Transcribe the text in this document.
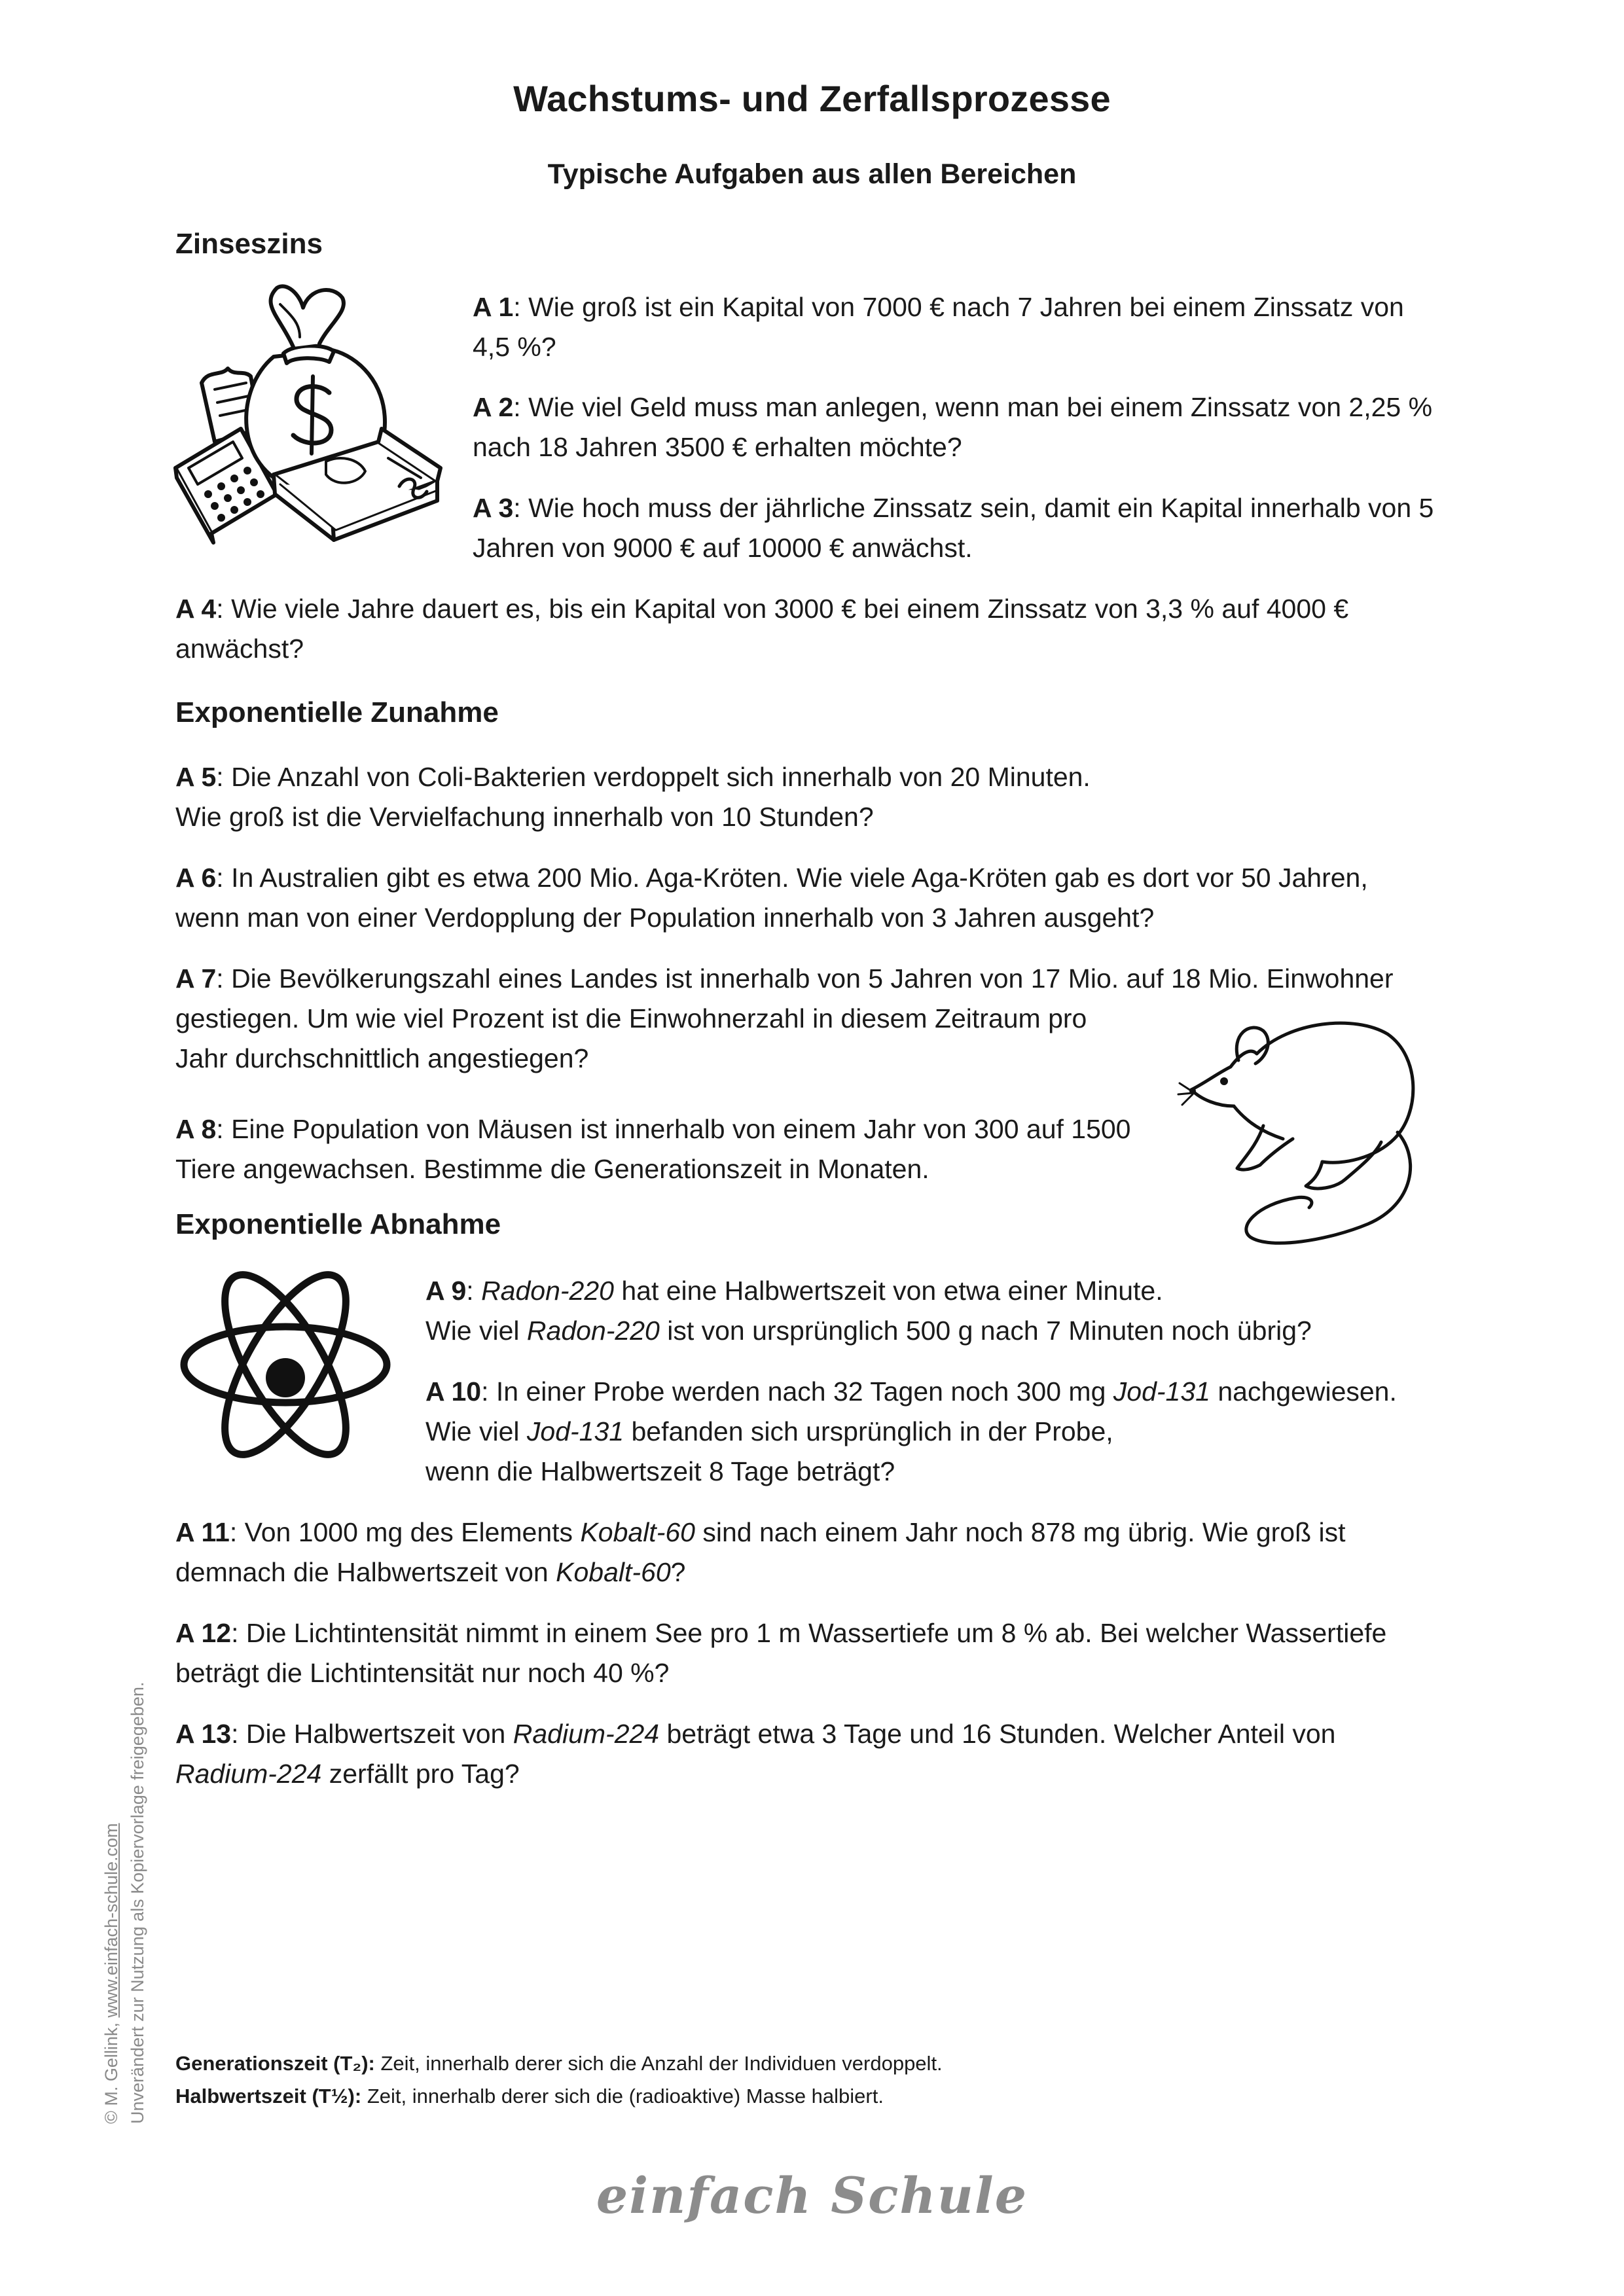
Wachstums- und Zerfallsprozesse
Typische Aufgaben aus allen Bereichen
Zinseszins
A 1: Wie groß ist ein Kapital von 7000 € nach 7 Jahren bei einem Zinssatz von
4,5 %?
A 2: Wie viel Geld muss man anlegen, wenn man bei einem Zinssatz von 2,25 %
nach 18 Jahren 3500 € erhalten möchte?
A 3: Wie hoch muss der jährliche Zinssatz sein, damit ein Kapital innerhalb von 5
Jahren von 9000 € auf 10000 € anwächst.
A 4: Wie viele Jahre dauert es, bis ein Kapital von 3000 € bei einem Zinssatz von 3,3 % auf 4000 €
anwächst?
Exponentielle Zunahme
A 5: Die Anzahl von Coli-Bakterien verdoppelt sich innerhalb von 20 Minuten.
Wie groß ist die Vervielfachung innerhalb von 10 Stunden?
A 6: In Australien gibt es etwa 200 Mio. Aga-Kröten. Wie viele Aga-Kröten gab es dort vor 50 Jahren,
wenn man von einer Verdopplung der Population innerhalb von 3 Jahren ausgeht?
A 7: Die Bevölkerungszahl eines Landes ist innerhalb von 5 Jahren von 17 Mio. auf 18 Mio. Einwohner
gestiegen. Um wie viel Prozent ist die Einwohnerzahl in diesem Zeitraum pro
Jahr durchschnittlich angestiegen?
A 8: Eine Population von Mäusen ist innerhalb von einem Jahr von 300 auf 1500
Tiere angewachsen. Bestimme die Generationszeit in Monaten.
Exponentielle Abnahme
A 9: Radon-220 hat eine Halbwertszeit von etwa einer Minute.
Wie viel Radon-220 ist von ursprünglich 500 g nach 7 Minuten noch übrig?
A 10: In einer Probe werden nach 32 Tagen noch 300 mg Jod-131 nachgewiesen.
Wie viel Jod-131 befanden sich ursprünglich in der Probe,
wenn die Halbwertszeit 8 Tage beträgt?
A 11: Von 1000 mg des Elements Kobalt-60 sind nach einem Jahr noch 878 mg übrig. Wie groß ist
demnach die Halbwertszeit von Kobalt-60?
A 12: Die Lichtintensität nimmt in einem See pro 1 m Wassertiefe um 8 % ab. Bei welcher Wassertiefe
beträgt die Lichtintensität nur noch 40 %?
A 13: Die Halbwertszeit von Radium-224 beträgt etwa 3 Tage und 16 Stunden. Welcher Anteil von
Radium-224 zerfällt pro Tag?
Generationszeit (T₂): Zeit, innerhalb derer sich die Anzahl der Individuen verdoppelt.
Halbwertszeit (T½): Zeit, innerhalb derer sich die (radioaktive) Masse halbiert.
© M. Gellink, www.einfach-schule.com Unverändert zur Nutzung als Kopiervorlage freigegeben.
einfach Schule
